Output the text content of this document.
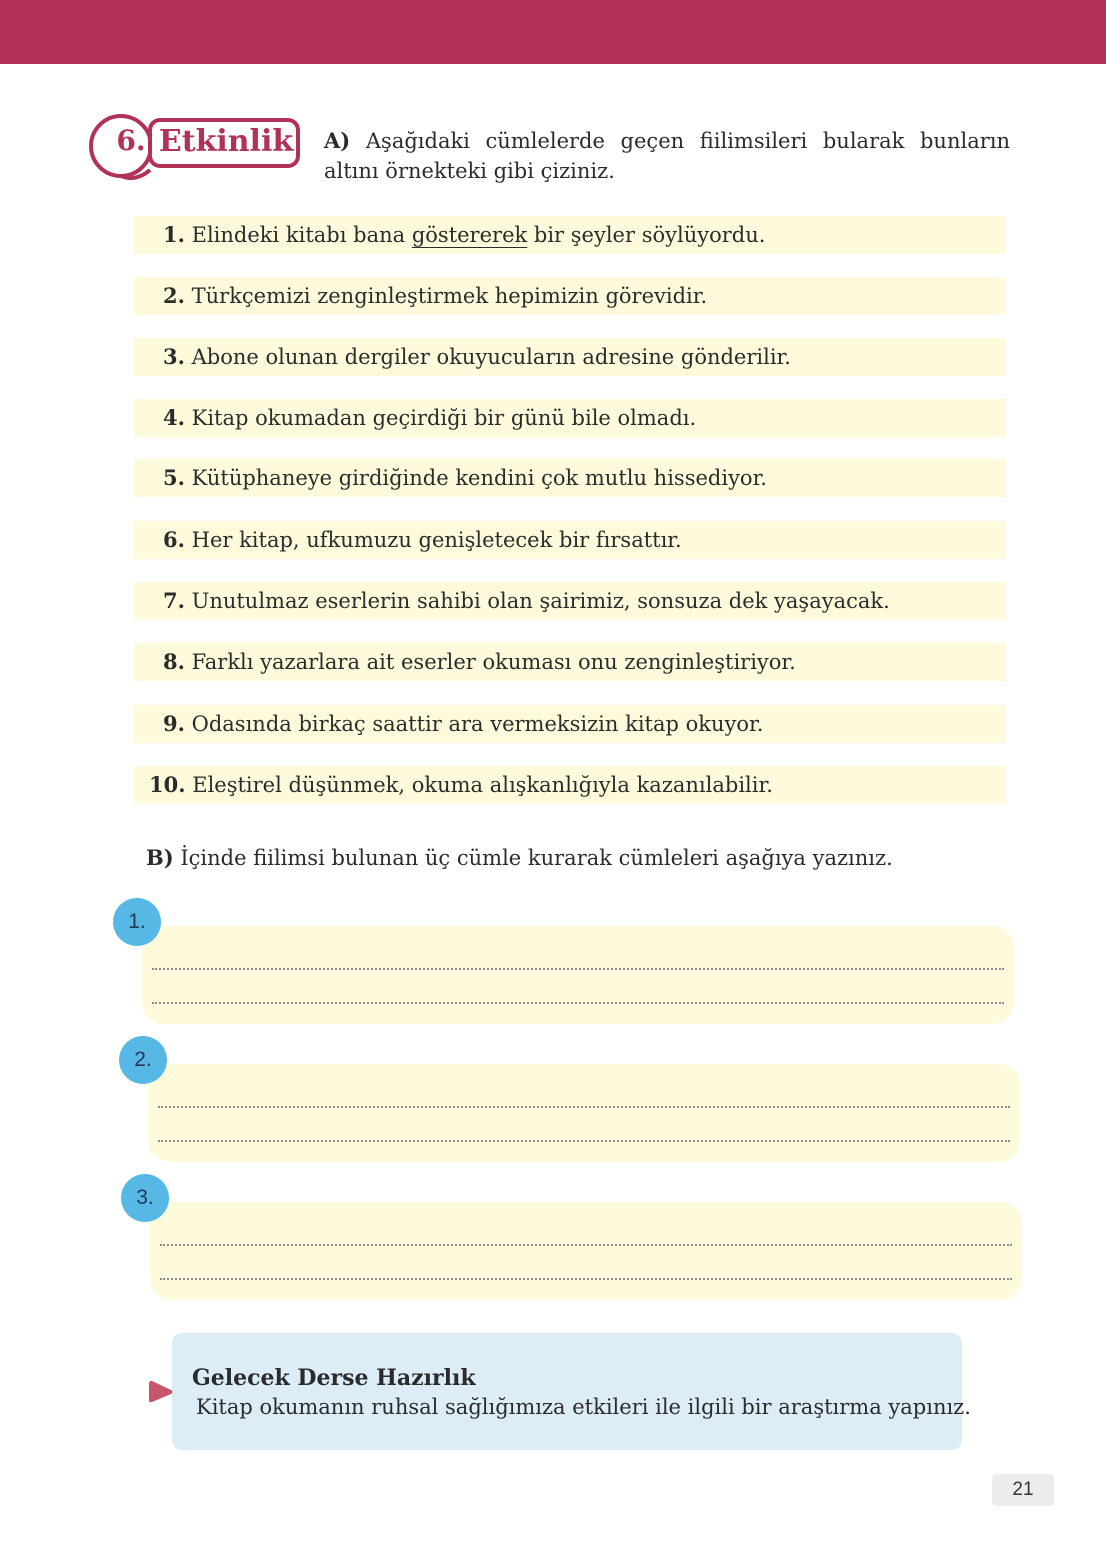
6. Etkinlik	A) Aşağıdaki cümlelerde geçen fiilimsileri bularak bunların altını örnekteki gibi çiziniz.
1. Elindeki kitabı bana göstererek bir şeyler söylüyordu.
2. Türkçemizi zenginleştirmek hepimizin görevidir.
3. Abone olunan dergiler okuyucuların adresine gönderilir.
4. Kitap okumadan geçirdiği bir günü bile olmadı.
5. Kütüphaneye girdiğinde kendini çok mutlu hissediyor.
6. Her kitap, ufkumuzu genişletecek bir fırsattır.
7. Unutulmaz eserlerin sahibi olan şairimiz, sonsuza dek yaşayacak.
8. Farklı yazarlara ait eserler okuması onu zenginleştiriyor.
9. Odasında birkaç saattir ara vermeksizin kitap okuyor.
10. Eleştirel düşünmek, okuma alışkanlığıyla kazanılabilir.
B) İçinde fiilimsi bulunan üç cümle kurarak cümleleri aşağıya yazınız.
1.
2.
3.
Gelecek Derse Hazırlık
Kitap okumanın ruhsal sağlığımıza etkileri ile ilgili bir araştırma yapınız.
21
